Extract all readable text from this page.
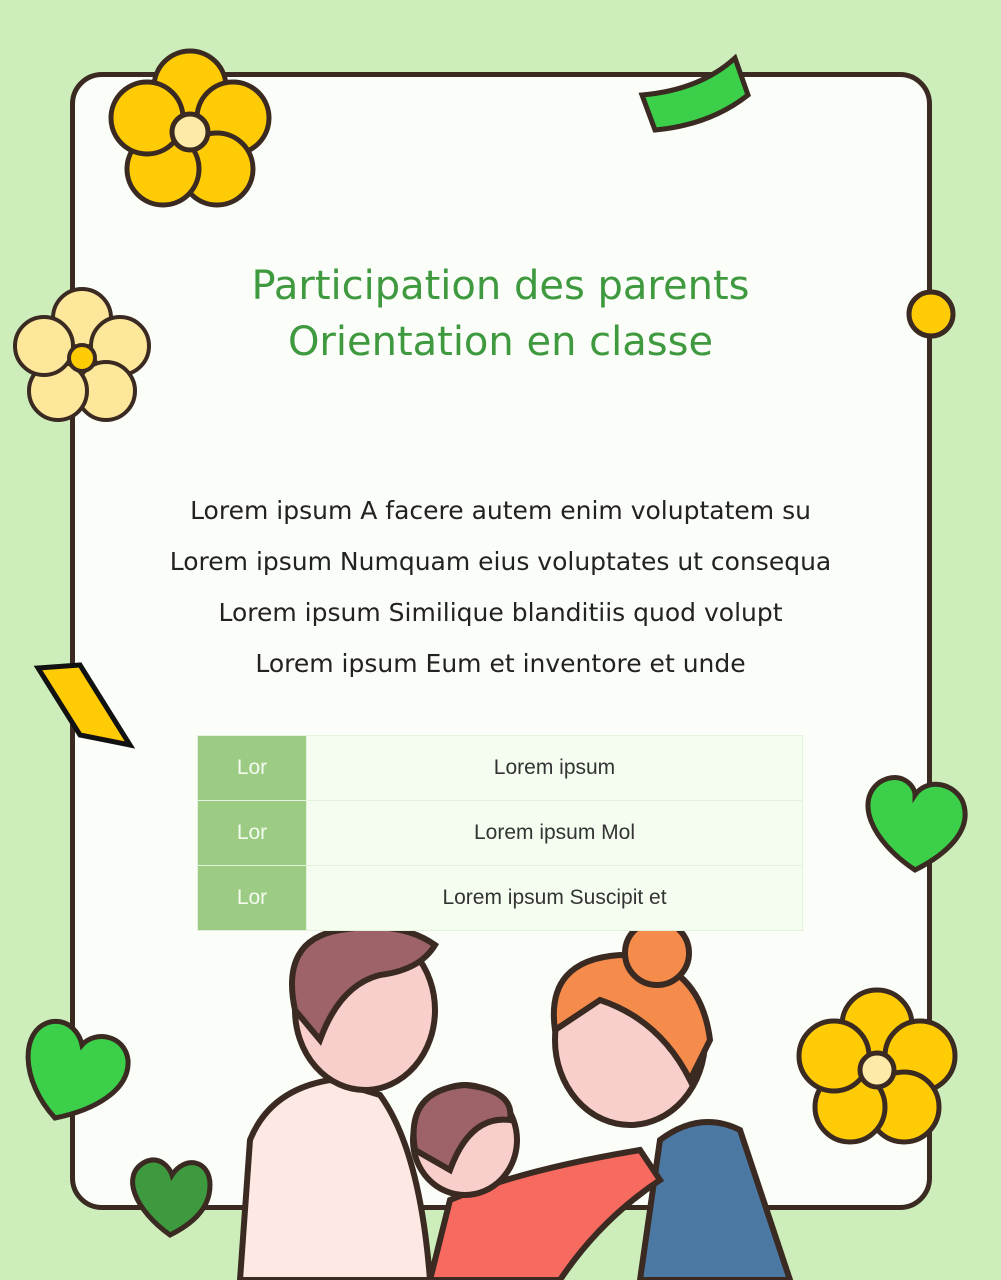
Participation des parents
Orientation en classe
Lorem ipsum A facere autem enim voluptatem su
Lorem ipsum Numquam eius voluptates ut consequa
Lorem ipsum Similique blanditiis quod volupt
Lorem ipsum Eum et inventore et unde
Lor	Lorem ipsum
Lor	Lorem ipsum Mol
Lor	Lorem ipsum Suscipit et
